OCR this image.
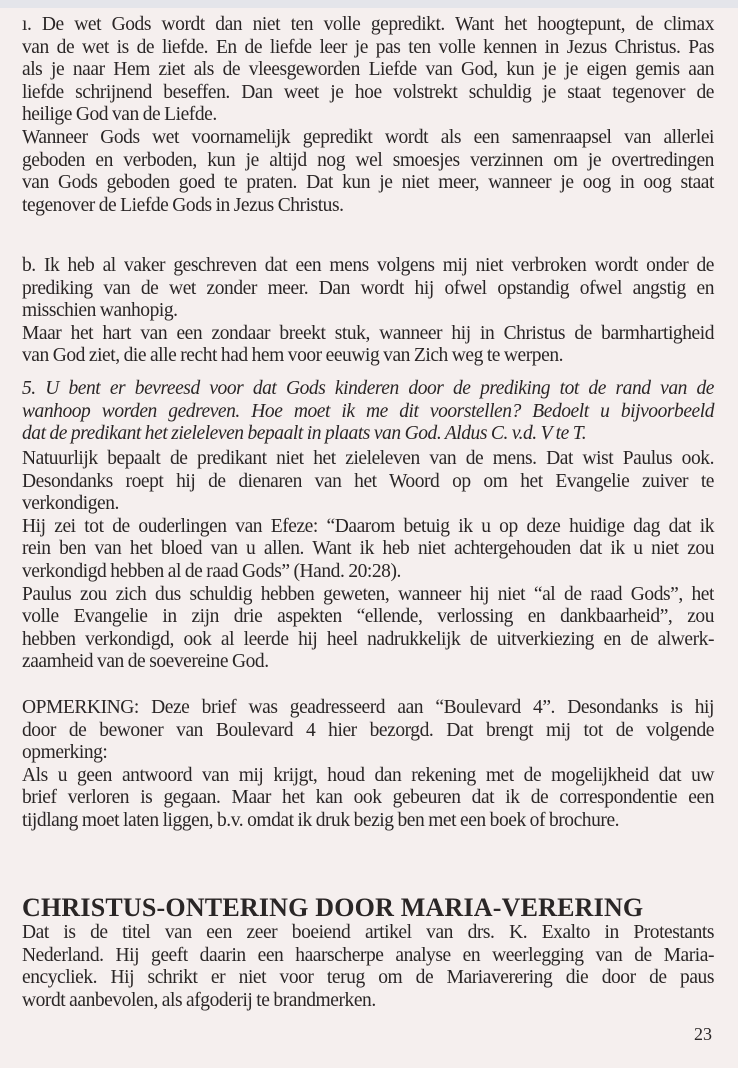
ı. De wet Gods wordt dan niet ten volle gepredikt. Want het hoogtepunt, de climax
van de wet is de liefde. En de liefde leer je pas ten volle kennen in Jezus Christus. Pas
als je naar Hem ziet als de vleesgeworden Liefde van God, kun je je eigen gemis aan
liefde schrijnend beseffen. Dan weet je hoe volstrekt schuldig je staat tegenover de
heilige God van de Liefde.
Wanneer Gods wet voornamelijk gepredikt wordt als een samenraapsel van allerlei
geboden en verboden, kun je altijd nog wel smoesjes verzinnen om je overtredingen
van Gods geboden goed te praten. Dat kun je niet meer, wanneer je oog in oog staat
tegenover de Liefde Gods in Jezus Christus.
b. Ik heb al vaker geschreven dat een mens volgens mij niet verbroken wordt onder de
prediking van de wet zonder meer. Dan wordt hij ofwel opstandig ofwel angstig en
misschien wanhopig.
Maar het hart van een zondaar breekt stuk, wanneer hij in Christus de barmhartigheid
van God ziet, die alle recht had hem voor eeuwig van Zich weg te werpen.
5. U bent er bevreesd voor dat Gods kinderen door de prediking tot de rand van de
wanhoop worden gedreven. Hoe moet ik me dit voorstellen? Bedoelt u bijvoorbeeld
dat de predikant het zieleleven bepaalt in plaats van God. Aldus C. v.d. V te T.
Natuurlijk bepaalt de predikant niet het zieleleven van de mens. Dat wist Paulus ook.
Desondanks roept hij de dienaren van het Woord op om het Evangelie zuiver te
verkondigen.
Hij zei tot de ouderlingen van Efeze: “Daarom betuig ik u op deze huidige dag dat ik
rein ben van het bloed van u allen. Want ik heb niet achtergehouden dat ik u niet zou
verkondigd hebben al de raad Gods” (Hand. 20:28).
Paulus zou zich dus schuldig hebben geweten, wanneer hij niet “al de raad Gods”, het
volle Evangelie in zijn drie aspekten “ellende, verlossing en dankbaarheid”, zou
hebben verkondigd, ook al leerde hij heel nadrukkelijk de uitverkiezing en de alwerk-
zaamheid van de soevereine God.
OPMERKING: Deze brief was geadresseerd aan “Boulevard 4”. Desondanks is hij
door de bewoner van Boulevard 4 hier bezorgd. Dat brengt mij tot de volgende
opmerking:
Als u geen antwoord van mij krijgt, houd dan rekening met de mogelijkheid dat uw
brief verloren is gegaan. Maar het kan ook gebeuren dat ik de correspondentie een
tijdlang moet laten liggen, b.v. omdat ik druk bezig ben met een boek of brochure.
CHRISTUS-ONTERING DOOR MARIA-VERERING
Dat is de titel van een zeer boeiend artikel van drs. K. Exalto in Protestants
Nederland. Hij geeft daarin een haarscherpe analyse en weerlegging van de Maria-
encycliek. Hij schrikt er niet voor terug om de Mariaverering die door de paus
wordt aanbevolen, als afgoderij te brandmerken.
23
